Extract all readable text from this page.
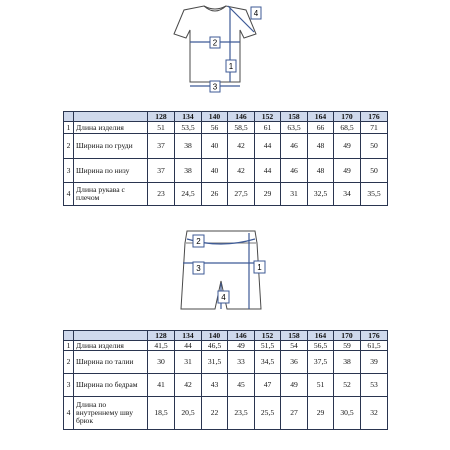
1
2
3
4
		128	134	140	146	152	158	164	170	176
1	Длина изделия	51	53,5	56	58,5	61	63,5	66	68,5	71
2	Ширина по груди	37	38	40	42	44	46	48	49	50
3	Ширина по низу	37	38	40	42	44	46	48	49	50
4	Длина рукава с плечом	23	24,5	26	27,5	29	31	32,5	34	35,5
1
2
3
4
		128	134	140	146	152	158	164	170	176
1	Длина изделия	41,5	44	46,5	49	51,5	54	56,5	59	61,5
2	Ширина по талии	30	31	31,5	33	34,5	36	37,5	38	39
3	Ширина по бедрам	41	42	43	45	47	49	51	52	53
4	Длина по внутреннему шву брюк	18,5	20,5	22	23,5	25,5	27	29	30,5	32
